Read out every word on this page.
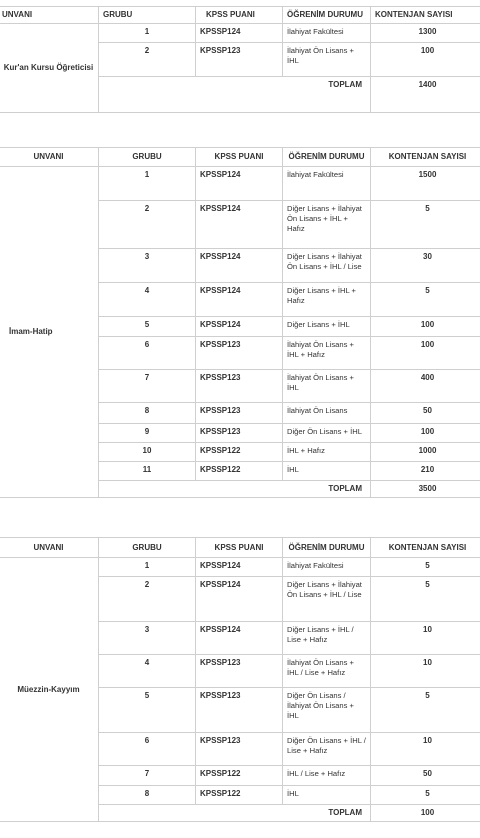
UNVANI	GRUBU	KPSS PUANI	ÖĞRENİM DURUMU	KONTENJAN SAYISI
Kur'an Kursu Öğreticisi	1	KPSSP124	İlahiyat Fakültesi	1300
	2	KPSSP123	İlahiyat Ön Lisans + İHL	100
	TOPLAM			1400
UNVANI	GRUBU	KPSS PUANI	ÖĞRENİM DURUMU	KONTENJAN SAYISI
İmam-Hatip	1	KPSSP124	İlahiyat Fakültesi	1500
	2	KPSSP124	Diğer Lisans + İlahiyat Ön Lisans + İHL + Hafız	5
	3	KPSSP124	Diğer Lisans + İlahiyat Ön Lisans + İHL / Lise	30
	4	KPSSP124	Diğer Lisans + İHL + Hafız	5
	5	KPSSP124	Diğer Lisans + İHL	100
	6	KPSSP123	İlahiyat Ön Lisans + İHL + Hafız	100
	7	KPSSP123	İlahiyat Ön Lisans + İHL	400
	8	KPSSP123	İlahiyat Ön Lisans	50
	9	KPSSP123	Diğer Ön Lisans + İHL	100
	10	KPSSP122	İHL + Hafız	1000
	11	KPSSP122	İHL	210
	TOPLAM			3500
UNVANI	GRUBU	KPSS PUANI	ÖĞRENİM DURUMU	KONTENJAN SAYISI
Müezzin-Kayyım	1	KPSSP124	İlahiyat Fakültesi	5
	2	KPSSP124	Diğer Lisans + İlahiyat Ön Lisans + İHL / Lise	5
	3	KPSSP124	Diğer Lisans + İHL / Lise + Hafız	10
	4	KPSSP123	İlahiyat Ön Lisans + İHL / Lise + Hafız	10
	5	KPSSP123	Diğer Ön Lisans / İlahiyat Ön Lisans + İHL	5
	6	KPSSP123	Diğer Ön Lisans + İHL / Lise + Hafız	10
	7	KPSSP122	İHL / Lise + Hafız	50
	8	KPSSP122	İHL	5
	TOPLAM			100
